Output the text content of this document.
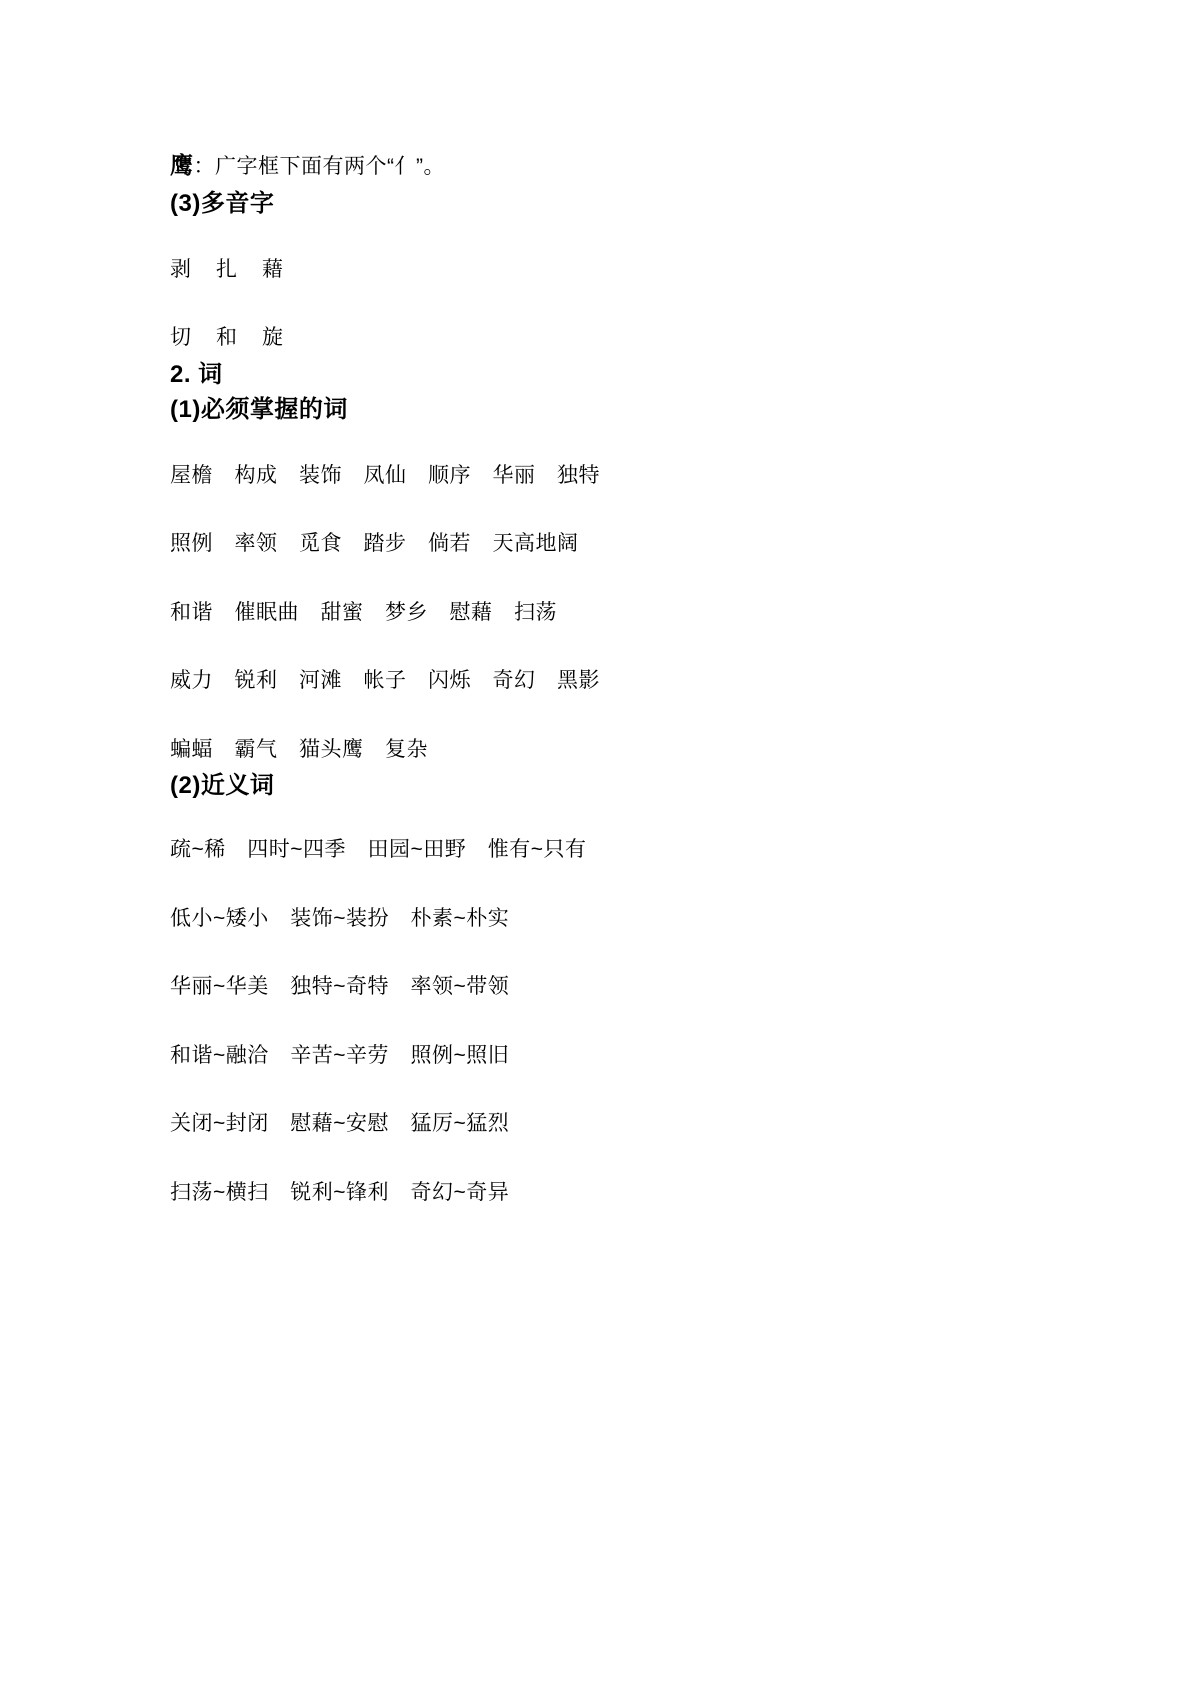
鹰：广字框下面有两个“亻”。

(3)多音字

剥　扎　藉

切　和　旋

2. 词
(1)必须掌握的词

屋檐　构成　装饰　凤仙　顺序　华丽　独特

照例　率领　觅食　踏步　倘若　天高地阔

和谐　催眠曲　甜蜜　梦乡　慰藉　扫荡

威力　锐利　河滩　帐子　闪烁　奇幻　黑影

蝙蝠　霸气　猫头鹰　复杂

(2)近义词

疏~稀　四时~四季　田园~田野　惟有~只有

低小~矮小　装饰~装扮　朴素~朴实

华丽~华美　独特~奇特　率领~带领

和谐~融洽　辛苦~辛劳　照例~照旧

关闭~封闭　慰藉~安慰　猛厉~猛烈

扫荡~横扫　锐利~锋利　奇幻~奇异
